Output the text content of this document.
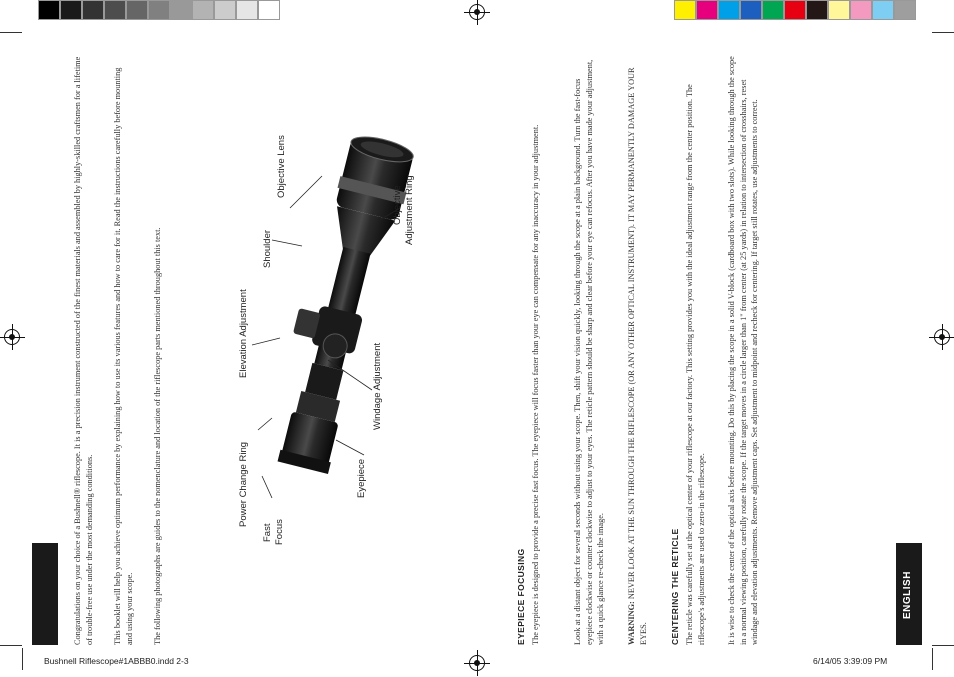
Congratulations on your choice of a Bushnell® riflescope. It is a precision instrument constructed of the finest materials and assembled by highly-skilled craftsmen for a lifetime of trouble-free use under the most demanding conditions. This booklet will help you achieve optimum performance by explaining how to use its various features and how to care for it. Read the instructions carefully before mounting and using your scope. The following photographs are guides to the nomenclature and location of the riflescope parts mentioned throughout this text.
Objective Lens
Objective Adjustment Ring
Shoulder
Elevation Adjustment
Windage Adjustment
Power Change Ring	Eyepiece
Fast Focus
EYEPIECE FOCUSING The eyepiece is designed to provide a precise fast focus. The eyepiece will focus faster than your eye can compensate for any inaccuracy in your adjustment.	Look at a distant object for several seconds without using your scope. Then, shift your vision quickly, looking through the scope at a plain background. Turn the fast-focus eyepiece clockwise or counter clockwise to adjust to your eyes. The reticle pattern should be sharp and clear before your eye can refocus. After you have made your adjustment, with a quick glance re-check the image.	WARNING: NEVER LOOK AT THE SUN THROUGH THE RIFLESCOPE (OR ANY OTHER OPTICAL INSTRUMENT). IT MAY PERMANENTLY DAMAGE YOUR EYES.	CENTERING THE RETICLE The reticle was carefully set at the optical center of your riflescope at our factory. This setting provides you with the ideal adjustment range from the center position. The riflescope's adjustments are used to zero-in the riflescope.	It is wise to check the center of the optical axis before mounting. Do this by placing the scope in a solid V-block (cardboard box with two slots). While looking through the scope in a normal viewing position, carefully rotate the scope. If the target moves in a circle larger than 1" from center (at 25 yards) in relation to intersection of crosshairs, reset windage and elevation adjustments. Remove adjustment caps. Set adjustment to midpoint and recheck for centering. If target still rotates, use adjustments to correct.	ENGLISH
Bushnell Riflescope#1ABBB0.indd 2-3	6/14/05 3:39:09 PM
